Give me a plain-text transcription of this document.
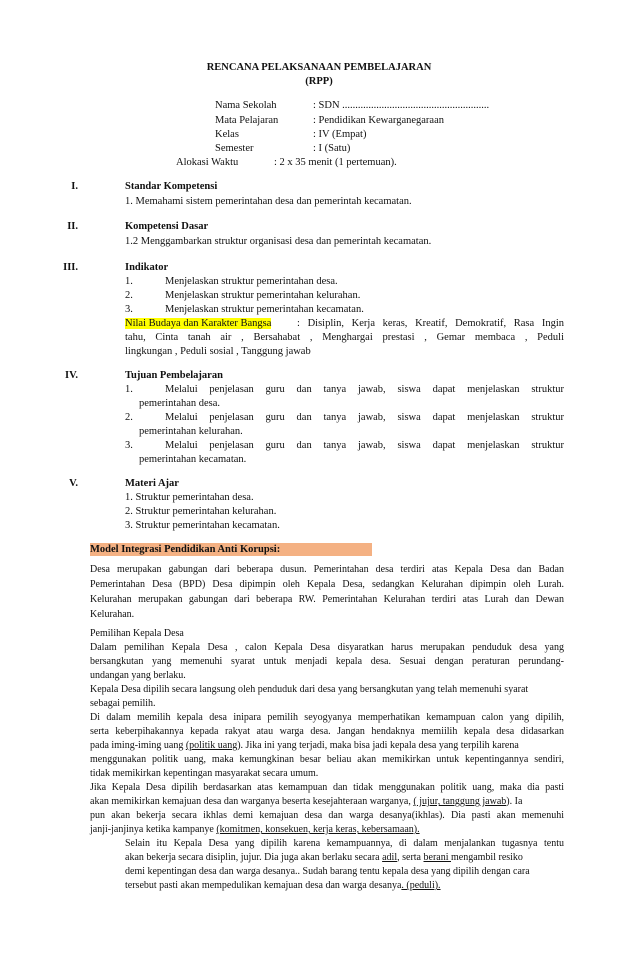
RENCANA PELAKSANAAN PEMBELAJARAN
(RPP)
Nama Sekolah	: SDN ........................................................
Mata Pelajaran	: Pendidikan Kewarganegaraan
Kelas	: IV (Empat)
Semester	: I (Satu)
Alokasi Waktu	: 2 x 35 menit (1 pertemuan).
I.	Standar Kompetensi
1. Memahami sistem pemerintahan desa dan pemerintah kecamatan.
II.	Kompetensi Dasar
1.2 Menggambarkan struktur organisasi desa dan pemerintah kecamatan.
III.	Indikator
1.	Menjelaskan struktur pemerintahan desa.
2.	Menjelaskan struktur pemerintahan kelurahan.
3.	Menjelaskan struktur pemerintahan kecamatan.
Nilai Budaya dan Karakter Bangsa : Disiplin, Kerja keras, Kreatif, Demokratif, Rasa Ingin
tahu, Cinta tanah air , Bersahabat , Menghargai prestasi , Gemar membaca , Peduli
lingkungan , Peduli sosial , Tanggung jawab
IV.	Tujuan Pembelajaran
1.	Melalui penjelasan guru dan tanya jawab, siswa dapat menjelaskan struktur
pemerintahan desa.
2.	Melalui penjelasan guru dan tanya jawab, siswa dapat menjelaskan struktur
pemerintahan kelurahan.
3.	Melalui penjelasan guru dan tanya jawab, siswa dapat menjelaskan struktur
pemerintahan kecamatan.
V.	Materi Ajar
1. Struktur pemerintahan desa.
2. Struktur pemerintahan kelurahan.
3. Struktur pemerintahan kecamatan.
Model Integrasi Pendidikan Anti Korupsi:
Desa merupakan gabungan dari beberapa dusun. Pemerintahan desa terdiri atas Kepala Desa dan Badan
Pemerintahan Desa (BPD) Desa dipimpin oleh Kepala Desa, sedangkan Kelurahan dipimpin oleh Lurah.
Kelurahan merupakan gabungan dari beberapa RW. Pemerintahan Kelurahan terdiri atas Lurah dan Dewan
Kelurahan.
Pemilihan Kepala Desa
Dalam pemilihan Kepala Desa , calon Kepala Desa disyaratkan harus merupakan penduduk desa yang
bersangkutan yang memenuhi syarat untuk menjadi kepala desa. Sesuai dengan peraturan perundang-
undangan yang berlaku.
Kepala Desa dipilih secara langsung oleh penduduk dari desa yang bersangkutan yang telah memenuhi syarat
sebagai pemilih.
Di dalam memilih kepala desa inipara pemilih seyogyanya memperhatikan kemampuan calon yang dipilih,
serta keberpihakannya kepada rakyat atau warga desa. Jangan hendaknya memiilih kepala desa didasarkan
pada iming-iming uang (politik uang). Jika ini yang terjadi, maka bisa jadi kepala desa yang terpilih karena
menggunakan politik uang, maka kemungkinan besar beliau akan memikirkan untuk kepentingannya sendiri,
tidak memikirkan kepentingan masyarakat secara umum.
Jika Kepala Desa dipilih berdasarkan atas kemampuan dan tidak menggunakan politik uang, maka dia pasti
akan memikirkan kemajuan desa dan warganya beserta kesejahteraan warganya, ( jujur, tanggung jawab). Ia
pun akan bekerja secara ikhlas demi kemajuan desa dan warga desanya(ikhlas). Dia pasti akan memenuhi
janji-janjinya ketika kampanye (komitmen, konsekuen, kerja keras, kebersamaan).
Selain itu Kepala Desa yang dipilih karena kemampuannya, di dalam menjalankan tugasnya tentu
akan bekerja secara disiplin, jujur. Dia juga akan berlaku secara adil, serta berani mengambil resiko
demi kepentingan desa dan warga desanya.. Sudah barang tentu kepala desa yang dipilih dengan cara
tersebut pasti akan mempedulikan kemajuan desa dan warga desanya. (peduli).
